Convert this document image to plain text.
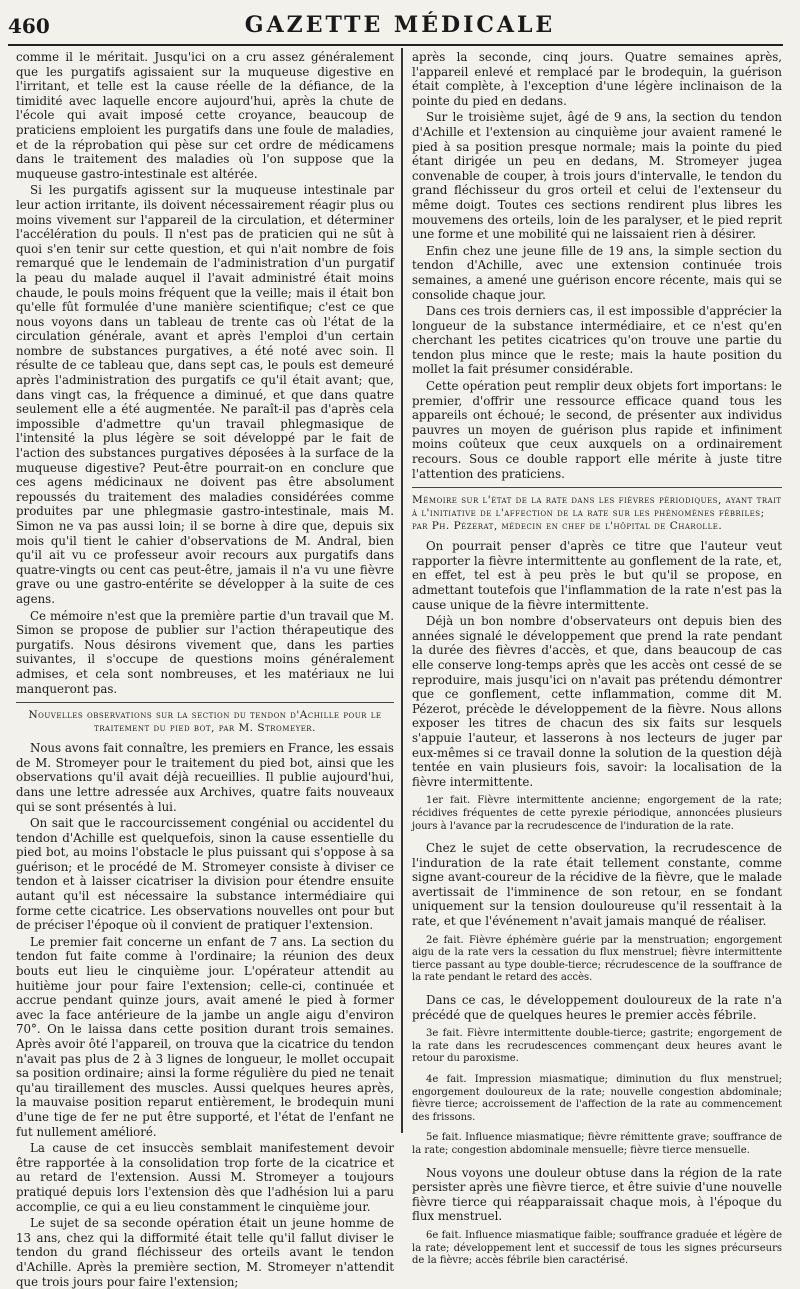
460	GAZETTE MÉDICALE

comme il le méritait. Jusqu'ici on a cru assez généralement que les purgatifs agissaient sur la muqueuse digestive en l'irritant, et telle est la cause réelle de la défiance, de la timidité avec laquelle encore aujourd'hui, après la chute de l'école qui avait imposé cette croyance, beaucoup de praticiens emploient les purgatifs dans une foule de maladies, et de la réprobation qui pèse sur cet ordre de médicamens dans le traitement des maladies où l'on suppose que la muqueuse gastro-intestinale est altérée.

Si les purgatifs agissent sur la muqueuse intestinale par leur action irritante, ils doivent nécessairement réagir plus ou moins vivement sur l'appareil de la circulation, et déterminer l'accélération du pouls. Il n'est pas de praticien qui ne sût à quoi s'en tenir sur cette question, et qui n'ait nombre de fois remarqué que le lendemain de l'administration d'un purgatif la peau du malade auquel il l'avait administré était moins chaude, le pouls moins fréquent que la veille; mais il était bon qu'elle fût formulée d'une manière scientifique; c'est ce que nous voyons dans un tableau de trente cas où l'état de la circulation générale, avant et après l'emploi d'un certain nombre de substances purgatives, a été noté avec soin. Il résulte de ce tableau que, dans sept cas, le pouls est demeuré après l'administration des purgatifs ce qu'il était avant; que, dans vingt cas, la fréquence a diminué, et que dans quatre seulement elle a été augmentée. Ne paraît-il pas d'après cela impossible d'admettre qu'un travail phlegmasique de l'intensité la plus légère se soit développé par le fait de l'action des substances purgatives déposées à la surface de la muqueuse digestive? Peut-être pourrait-on en conclure que ces agens médicinaux ne doivent pas être absolument repoussés du traitement des maladies considérées comme produites par une phlegmasie gastro-intestinale, mais M. Simon ne va pas aussi loin; il se borne à dire que, depuis six mois qu'il tient le cahier d'observations de M. Andral, bien qu'il ait vu ce professeur avoir recours aux purgatifs dans quatre-vingts ou cent cas peut-être, jamais il n'a vu une fièvre grave ou une gastro-entérite se développer à la suite de ces agens.

Ce mémoire n'est que la première partie d'un travail que M. Simon se propose de publier sur l'action thérapeutique des purgatifs. Nous désirons vivement que, dans les parties suivantes, il s'occupe de questions moins généralement admises, et cela sont nombreuses, et les matériaux ne lui manqueront pas.

Nouvelles observations sur la section du tendon d'Achille pour le traitement du pied bot, par M. Stromeyer.

Nous avons fait connaître, les premiers en France, les essais de M. Stromeyer pour le traitement du pied bot, ainsi que les observations qu'il avait déjà recueillies. Il publie aujourd'hui, dans une lettre adressée aux Archives, quatre faits nouveaux qui se sont présentés à lui.

On sait que le raccourcissement congénial ou accidentel du tendon d'Achille est quelquefois, sinon la cause essentielle du pied bot, au moins l'obstacle le plus puissant qui s'oppose à sa guérison; et le procédé de M. Stromeyer consiste à diviser ce tendon et à laisser cicatriser la division pour étendre ensuite autant qu'il est nécessaire la substance intermédiaire qui forme cette cicatrice. Les observations nouvelles ont pour but de préciser l'époque où il convient de pratiquer l'extension.

Le premier fait concerne un enfant de 7 ans. La section du tendon fut faite comme à l'ordinaire; la réunion des deux bouts eut lieu le cinquième jour. L'opérateur attendit au huitième jour pour faire l'extension; celle-ci, continuée et accrue pendant quinze jours, avait amené le pied à former avec la face antérieure de la jambe un angle aigu d'environ 70°. On le laissa dans cette position durant trois semaines. Après avoir ôté l'appareil, on trouva que la cicatrice du tendon n'avait pas plus de 2 à 3 lignes de longueur, le mollet occupait sa position ordinaire; ainsi la forme régulière du pied ne tenait qu'au tiraillement des muscles. Aussi quelques heures après, la mauvaise position reparut entièrement, le brodequin muni d'une tige de fer ne put être supporté, et l'état de l'enfant ne fut nullement amélioré.

La cause de cet insuccès semblait manifestement devoir être rapportée à la consolidation trop forte de la cicatrice et au retard de l'extension. Aussi M. Stromeyer a toujours pratiqué depuis lors l'extension dès que l'adhésion lui a paru accomplie, ce qui a eu lieu constamment le cinquième jour.

Le sujet de sa seconde opération était un jeune homme de 13 ans, chez qui la difformité était telle qu'il fallut diviser le tendon du grand fléchisseur des orteils avant le tendon d'Achille. Après la première section, M. Stromeyer n'attendit que trois jours pour faire l'extension;

après la seconde, cinq jours. Quatre semaines après, l'appareil enlevé et remplacé par le brodequin, la guérison était complète, à l'exception d'une légère inclinaison de la pointe du pied en dedans.

Sur le troisième sujet, âgé de 9 ans, la section du tendon d'Achille et l'extension au cinquième jour avaient ramené le pied à sa position presque normale; mais la pointe du pied étant dirigée un peu en dedans, M. Stromeyer jugea convenable de couper, à trois jours d'intervalle, le tendon du grand fléchisseur du gros orteil et celui de l'extenseur du même doigt. Toutes ces sections rendirent plus libres les mouvemens des orteils, loin de les paralyser, et le pied reprit une forme et une mobilité qui ne laissaient rien à désirer.

Enfin chez une jeune fille de 19 ans, la simple section du tendon d'Achille, avec une extension continuée trois semaines, a amené une guérison encore récente, mais qui se consolide chaque jour.

Dans ces trois derniers cas, il est impossible d'apprécier la longueur de la substance intermédiaire, et ce n'est qu'en cherchant les petites cicatrices qu'on trouve une partie du tendon plus mince que le reste; mais la haute position du mollet la fait présumer considérable.

Cette opération peut remplir deux objets fort importans: le premier, d'offrir une ressource efficace quand tous les appareils ont échoué; le second, de présenter aux individus pauvres un moyen de guérison plus rapide et infiniment moins coûteux que ceux auxquels on a ordinairement recours. Sous ce double rapport elle mérite à juste titre l'attention des praticiens.

Mémoire sur l'état de la rate dans les fièvres périodiques, ayant trait à l'initiative de l'affection de la rate sur les phénomènes fébriles; par Ph. Pézerat, médecin en chef de l'hôpital de Charolle.

On pourrait penser d'après ce titre que l'auteur veut rapporter la fièvre intermittente au gonflement de la rate, et, en effet, tel est à peu près le but qu'il se propose, en admettant toutefois que l'inflammation de la rate n'est pas la cause unique de la fièvre intermittente.

Déjà un bon nombre d'observateurs ont depuis bien des années signalé le développement que prend la rate pendant la durée des fièvres d'accès, et que, dans beaucoup de cas elle conserve long-temps après que les accès ont cessé de se reproduire, mais jusqu'ici on n'avait pas prétendu démontrer que ce gonflement, cette inflammation, comme dit M. Pézerot, précède le développement de la fièvre. Nous allons exposer les titres de chacun des six faits sur lesquels s'appuie l'auteur, et lasserons à nos lecteurs de juger par eux-mêmes si ce travail donne la solution de la question déjà tentée en vain plusieurs fois, savoir: la localisation de la fièvre intermittente.

1er fait. Fièvre intermittente ancienne; engorgement de la rate; récidives fréquentes de cette pyrexie périodique, annoncées plusieurs jours à l'avance par la recrudescence de l'induration de la rate.

Chez le sujet de cette observation, la recrudescence de l'induration de la rate était tellement constante, comme signe avant-coureur de la récidive de la fièvre, que le malade avertissait de l'imminence de son retour, en se fondant uniquement sur la tension douloureuse qu'il ressentait à la rate, et que l'événement n'avait jamais manqué de réaliser.

2e fait. Fièvre éphémère guérie par la menstruation; engorgement aigu de la rate vers la cessation du flux menstruel; fièvre intermittente tierce passant au type double-tierce; récrudescence de la souffrance de la rate pendant le retard des accès.

Dans ce cas, le développement douloureux de la rate n'a précédé que de quelques heures le premier accès fébrile.

3e fait. Fièvre intermittente double-tierce; gastrite; engorgement de la rate dans les recrudescences commençant deux heures avant le retour du paroxisme.

4e fait. Impression miasmatique; diminution du flux menstruel; engorgement douloureux de la rate; nouvelle congestion abdominale; fièvre tierce; accroissement de l'affection de la rate au commencement des frissons.

5e fait. Influence miasmatique; fièvre rémittente grave; souffrance de la rate; congestion abdominale mensuelle; fièvre tierce mensuelle.

Nous voyons une douleur obtuse dans la région de la rate persister après une fièvre tierce, et être suivie d'une nouvelle fièvre tierce qui réapparaissait chaque mois, à l'époque du flux menstruel.

6e fait. Influence miasmatique faible; souffrance graduée et légère de la rate; développement lent et successif de tous les signes précurseurs de la fièvre; accès fébrile bien caractérisé.
